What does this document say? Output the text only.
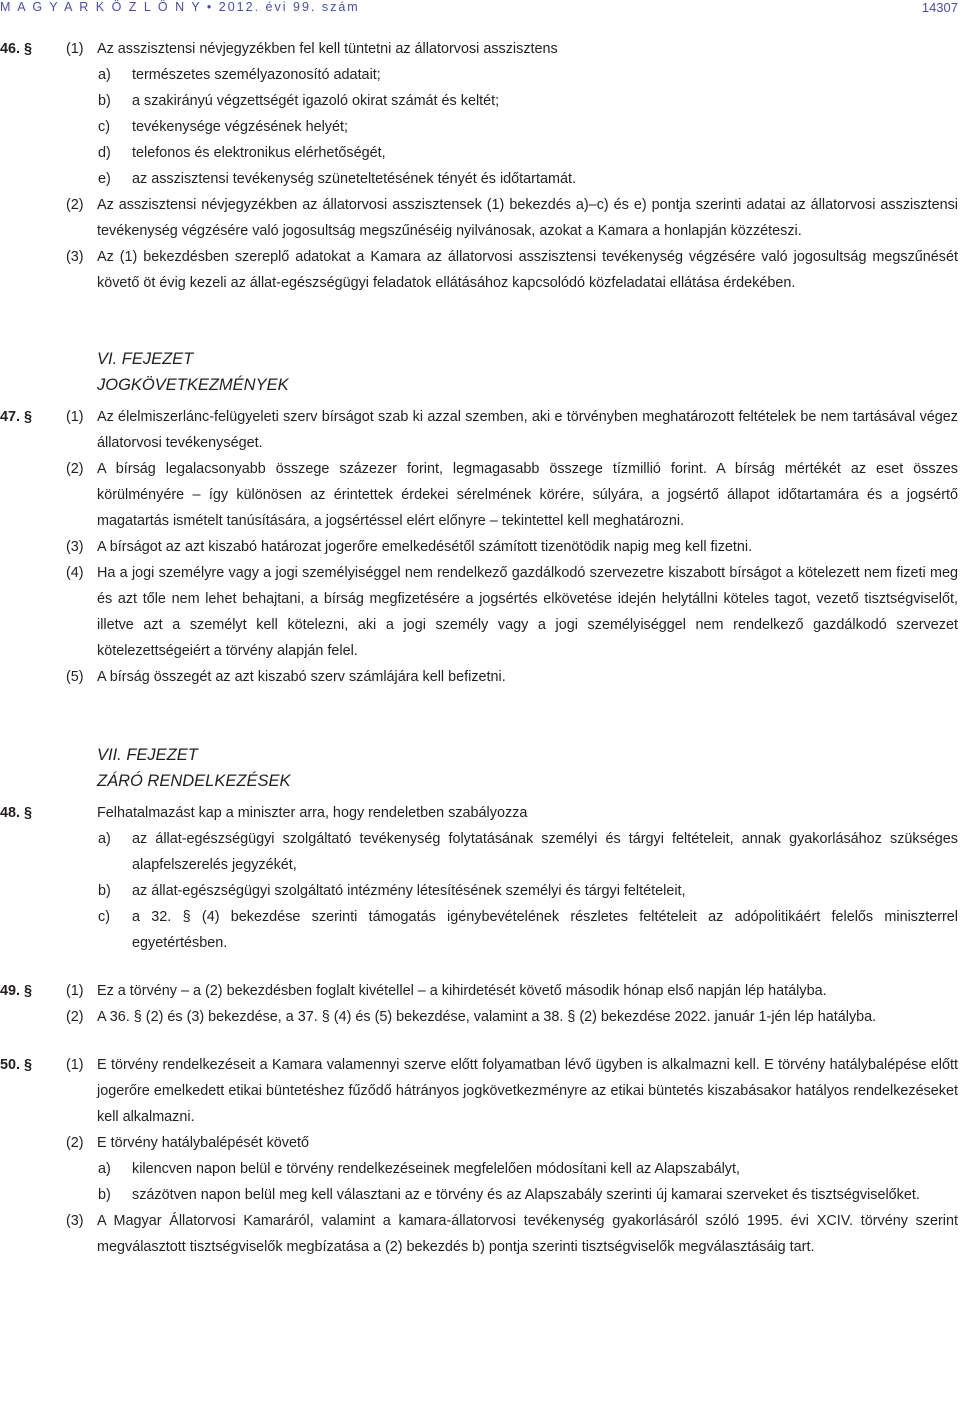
M A G Y A R K Ö Z L Ö N Y • 2012. évi 99. szám	14307
46. § (1) Az asszisztensi névjegyzékben fel kell tüntetni az állatorvosi asszisztens
a) természetes személyazonosító adatait;
b) a szakirányú végzettségét igazoló okirat számát és keltét;
c) tevékenysége végzésének helyét;
d) telefonos és elektronikus elérhetőségét,
e) az asszisztensi tevékenység szüneteltetésének tényét és időtartamát.
(2) Az asszisztensi névjegyzékben az állatorvosi asszisztensek (1) bekezdés a)–c) és e) pontja szerinti adatai az állatorvosi asszisztensi tevékenység végzésére való jogosultság megszűnéséig nyilvánosak, azokat a Kamara a honlapján közzéteszi.
(3) Az (1) bekezdésben szereplő adatokat a Kamara az állatorvosi asszisztensi tevékenység végzésére való jogosultság megszűnését követő öt évig kezeli az állat-egészségügyi feladatok ellátásához kapcsolódó közfeladatai ellátása érdekében.
VI. FEJEZET
JOGKÖVETKEZMÉNYEK
47. § (1) Az élelmiszerlánc-felügyeleti szerv bírságot szab ki azzal szemben, aki e törvényben meghatározott feltételek be nem tartásával végez állatorvosi tevékenységet.
(2) A bírság legalacsonyabb összege százezer forint, legmagasabb összege tízmillió forint. A bírság mértékét az eset összes körülményére – így különösen az érintettek érdekei sérelmének körére, súlyára, a jogsértő állapot időtartamára és a jogsértő magatartás ismételt tanúsítására, a jogsértéssel elért előnyre – tekintettel kell meghatározni.
(3) A bírságot az azt kiszabó határozat jogerőre emelkedésétől számított tizenötödik napig meg kell fizetni.
(4) Ha a jogi személyre vagy a jogi személyiséggel nem rendelkező gazdálkodó szervezetre kiszabott bírságot a kötelezett nem fizeti meg és azt tőle nem lehet behajtani, a bírság megfizetésére a jogsértés elkövetése idején helytállni köteles tagot, vezető tisztségviselőt, illetve azt a személyt kell kötelezni, aki a jogi személy vagy a jogi személyiséggel nem rendelkező gazdálkodó szervezet kötelezettségeiért a törvény alapján felel.
(5) A bírság összegét az azt kiszabó szerv számlájára kell befizetni.
VII. FEJEZET
ZÁRÓ RENDELKEZÉSEK
48. §	Felhatalmazást kap a miniszter arra, hogy rendeletben szabályozza
a) az állat-egészségügyi szolgáltató tevékenység folytatásának személyi és tárgyi feltételeit, annak gyakorlásához szükséges alapfelszerelés jegyzékét,
b) az állat-egészségügyi szolgáltató intézmény létesítésének személyi és tárgyi feltételeit,
c) a 32. § (4) bekezdése szerinti támogatás igénybevételének részletes feltételeit az adópolitikáért felelős miniszterrel egyetértésben.
49. § (1) Ez a törvény – a (2) bekezdésben foglalt kivétellel – a kihirdetését követő második hónap első napján lép hatályba.
(2) A 36. § (2) és (3) bekezdése, a 37. § (4) és (5) bekezdése, valamint a 38. § (2) bekezdése 2022. január 1-jén lép hatályba.
50. § (1) E törvény rendelkezéseit a Kamara valamennyi szerve előtt folyamatban lévő ügyben is alkalmazni kell. E törvény hatálybalépése előtt jogerőre emelkedett etikai büntetéshez fűződő hátrányos jogkövetkezményre az etikai büntetés kiszabásakor hatályos rendelkezéseket kell alkalmazni.
(2) E törvény hatálybalépését követő
a) kilencven napon belül e törvény rendelkezéseinek megfelelően módosítani kell az Alapszabályt,
b) százötven napon belül meg kell választani az e törvény és az Alapszabály szerinti új kamarai szerveket és tisztségviselőket.
(3) A Magyar Állatorvosi Kamaráról, valamint a kamara-állatorvosi tevékenység gyakorlásáról szóló 1995. évi XCIV. törvény szerint megválasztott tisztségviselők megbízatása a (2) bekezdés b) pontja szerinti tisztségviselők megválasztásáig tart.
